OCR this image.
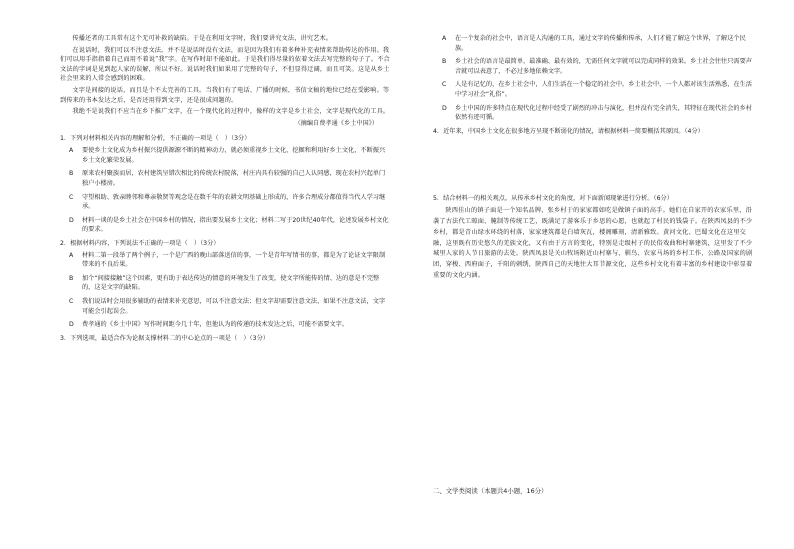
传播还者的工具常有这个无可补救的缺陷。于是在利用文字时，我们要讲究文法，讲究艺术。

在说话时，我们可以不注意文法。并不是说话时没有文法，而是因为我们有着多种补充表情来帮助传达的作用。我们可以用手指指着自己而用不着说“我”字。在写作时却不能如此。于是我们得尽量的依着文法去写完整的句子了。不合文法的字词是见到起人家的误解，所以不好。说话时我们如果用了完整的句子，不但显得迂阔，而且可笑。这是从乡土社会里来的人常会感到的困难。

文字是间接的说话，而且是个不太完善的工具。当我们有了电话、广播的时候，书信文稿的地位已经在受影响。等到传来的书本发达之后，是否还用得到文字，还是很成问题的。

我绝不是说我们不应当在乡下推广文字，在一个现代化的过程中，像样的文字是乡土社会，文字是现代化的工具。

（摘编自费孝通《乡土中国》）

1．下列对材料相关内容的理解和分析，不正确的一项是（　）（3分）

A	要使乡土文化成为乡村振兴提供源源不断的精神动力，就必须重视乡土文化，挖掘和利用好乡土文化，不断振兴乡土文化繁荣发展。
B	原来农村聚族而居，农村建筑呈错次相比的传统农村院落，村庄内具有较强的自己人认同感，现在农村兴起单门独户小楼房。
C	守望相助、敦亲睦邻和尊亲敬贤等观念是在数千年的农耕文明基础上形成的，许多合理成分都值得当代人学习继承。
D	材料一谈的是乡土社会在中国乡村的情况，指出要发展乡土文化；材料二写于20世纪40年代，论述发展乡村文化的要求。

2．根据材料内容，下列说法不正确的一项是（　）（3分）

A	材料二第一段举了两个例子，一个是广西的晚山部落送信的事，一个是青年写情书的事，都是为了论证文字限制带来的不良后果。
B	加个“间接接触”这个因素，更有助于表达传达的情意的环境发生了改变，使文字所能传的情、达的意是不完整的，这是文字的缺陷。
C	我们说话时会用很多辅助的表情来补充意思，可以不注意文法；但文字却需要注意文法，如果不注意文法，文字可能会引起误会。
D	费孝通的《乡土中国》写作时间距今几十年，但他认为的传递的技术发达之后，可能不需要文字。

3．下列选项，最适合作为论据支撑材料二的中心论点的一项是（　）（3分）

A	在一个复杂的社会中，语言是人沟通的工具，通过文字的传播和传承，人们才能了解这个世界，了解这个民族。
B	乡土社会的语言是最简单、最准确、最有效的，无需任何文字就可以完成同样的效果。乡土社会往往只需要声音就可以表意了，不必过多地依赖文字。
C	人是有记忆的，在乡土社会中，人们生活在一个稳定的社会中。乡土社会中，一个人都对该生活熟悉，在生活中学习社会“礼俗”。
D	乡土中国的许多特点在现代化过程中经受了剧烈的冲击与演化，但并没有完全消失，其特征在现代社会的乡村依然有迹可循。

4．近年来，中国乡土文化在很多地方呈现不断弱化的情况，请根据材料一简要概括其原因。（4分）

5．结合材料一的相关观点，从传承乡村文化的角度，对下面新闻现象进行分析。（6分）

陕西佳山的镇子面是一个知名品牌，张乡村于的家家都如吃是做镇子面的高手。她们在自家开的农家乐里，沿袭了古法代工晾面、腌制等传统工艺，既满足了游客乐于乡思的心愿，也就起了村民的钱袋子。在陕西凤县的不少乡村，都是青山绿水环绕的村落，家家建筑都是白墙灰瓦，楼阁雕刻，清新雅致。黄河文化、巴蜀文化在这里交融，这里既有历史悠久的羌族文化，又有由于方言的变化，特别是走级村子的民俗戏曲和村寨建筑，这里发了不少城里人家的人节日旅游的去处。陕西凤县是关山牧场附近山村寨与、驯鸟、农家马场的乡村工作，公路及国家的剧团，穿梭、西府面子，千阳的刺绣，陕西自己的天地往大耳节源文化，这些乡村文化有着丰富的乡村建设中彰显着重要的文化内涵。

二、文学类阅读（本题共4小题，16分）
